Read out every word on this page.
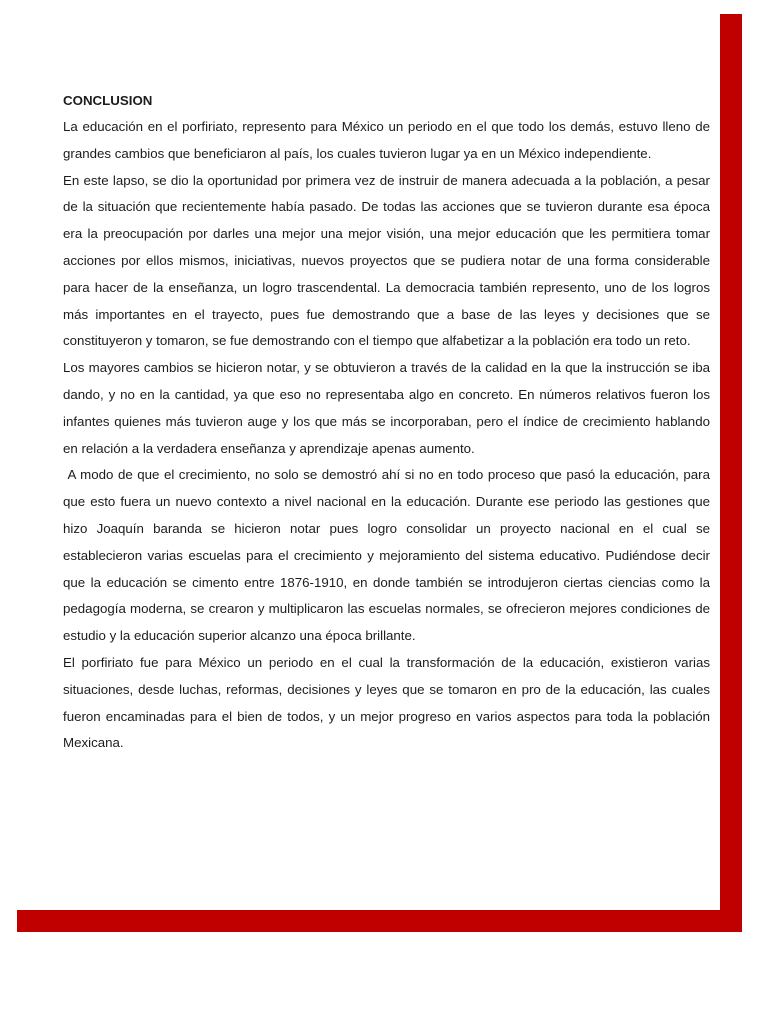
CONCLUSION

La educación en el porfiriato, represento para México un periodo en el que todo los demás, estuvo lleno de grandes cambios que beneficiaron al país, los cuales tuvieron lugar ya en un México independiente.

En este lapso, se dio la oportunidad por primera vez de instruir de manera adecuada a la población, a pesar de la situación que recientemente había pasado. De todas las acciones que se tuvieron durante esa época era la preocupación por darles una mejor una mejor visión, una mejor educación que les permitiera tomar acciones por ellos mismos, iniciativas, nuevos proyectos que se pudiera notar de una forma considerable para hacer de la enseñanza, un logro trascendental. La democracia también represento, uno de los logros más importantes en el trayecto, pues fue demostrando que a base de las leyes y decisiones que se constituyeron y tomaron, se fue demostrando con el tiempo que alfabetizar a la población era todo un reto.

Los mayores cambios se hicieron notar, y se obtuvieron a través de la calidad en la que la instrucción se iba dando, y no en la cantidad, ya que eso no representaba algo en concreto. En números relativos fueron los infantes quienes más tuvieron auge y los que más se incorporaban, pero el índice de crecimiento hablando en relación a la verdadera enseñanza y aprendizaje apenas aumento.

A modo de que el crecimiento, no solo se demostró ahí si no en todo proceso que pasó la educación, para que esto fuera un nuevo contexto a nivel nacional en la educación. Durante ese periodo las gestiones que hizo Joaquín baranda se hicieron notar pues logro consolidar un proyecto nacional en el cual se establecieron varias escuelas para el crecimiento y mejoramiento del sistema educativo. Pudiéndose decir que la educación se cimento entre 1876-1910, en donde también se introdujeron ciertas ciencias como la pedagogía moderna, se crearon y multiplicaron las escuelas normales, se ofrecieron mejores condiciones de estudio y la educación superior alcanzo una época brillante.

El porfiriato fue para México un periodo en el cual la transformación de la educación, existieron varias situaciones, desde luchas, reformas, decisiones y leyes que se tomaron en pro de la educación, las cuales fueron encaminadas para el bien de todos, y un mejor progreso en varios aspectos para toda la población Mexicana.
